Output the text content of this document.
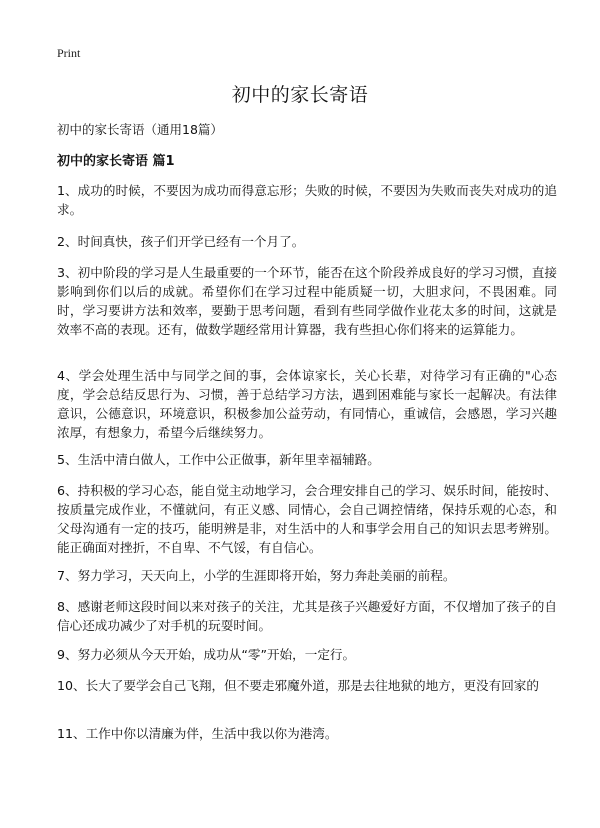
Print
初中的家长寄语

初中的家长寄语（通用18篇）

初中的家长寄语 篇1

1、成功的时候，不要因为成功而得意忘形；失败的时候，不要因为失败而丧失对成功的追求。

2、时间真快，孩子们开学已经有一个月了。

3、初中阶段的学习是人生最重要的一个环节，能否在这个阶段养成良好的学习习惯，直接影响到你们以后的成就。希望你们在学习过程中能质疑一切，大胆求问，不畏困难。同时，学习要讲方法和效率，要勤于思考问题，看到有些同学做作业花太多的时间，这就是效率不高的表现。还有，做数学题经常用计算器，我有些担心你们将来的运算能力。

4、学会处理生活中与同学之间的事，会体谅家长，关心长辈，对待学习有正确的"心态度，学会总结反思行为、习惯，善于总结学习方法，遇到困难能与家长一起解决。有法律意识，公德意识，环境意识，积极参加公益劳动，有同情心，重诚信，会感恩，学习兴趣浓厚，有想象力，希望今后继续努力。

5、生活中清白做人，工作中公正做事，新年里幸福辅路。

6、持积极的学习心态，能自觉主动地学习，会合理安排自己的学习、娱乐时间，能按时、按质量完成作业，不懂就问，有正义感、同情心，会自己调控情绪，保持乐观的心态，和父母沟通有一定的技巧，能明辨是非，对生活中的人和事学会用自己的知识去思考辨别。能正确面对挫折，不自卑、不气馁，有自信心。

7、努力学习，天天向上，小学的生涯即将开始，努力奔赴美丽的前程。

8、感谢老师这段时间以来对孩子的关注，尤其是孩子兴趣爱好方面，不仅增加了孩子的自信心还成功减少了对手机的玩耍时间。

9、努力必须从今天开始，成功从“零”开始，一定行。

10、长大了要学会自己飞翔，但不要走邪魔外道，那是去往地狱的地方，更没有回家的

11、工作中你以清廉为伴，生活中我以你为港湾。
